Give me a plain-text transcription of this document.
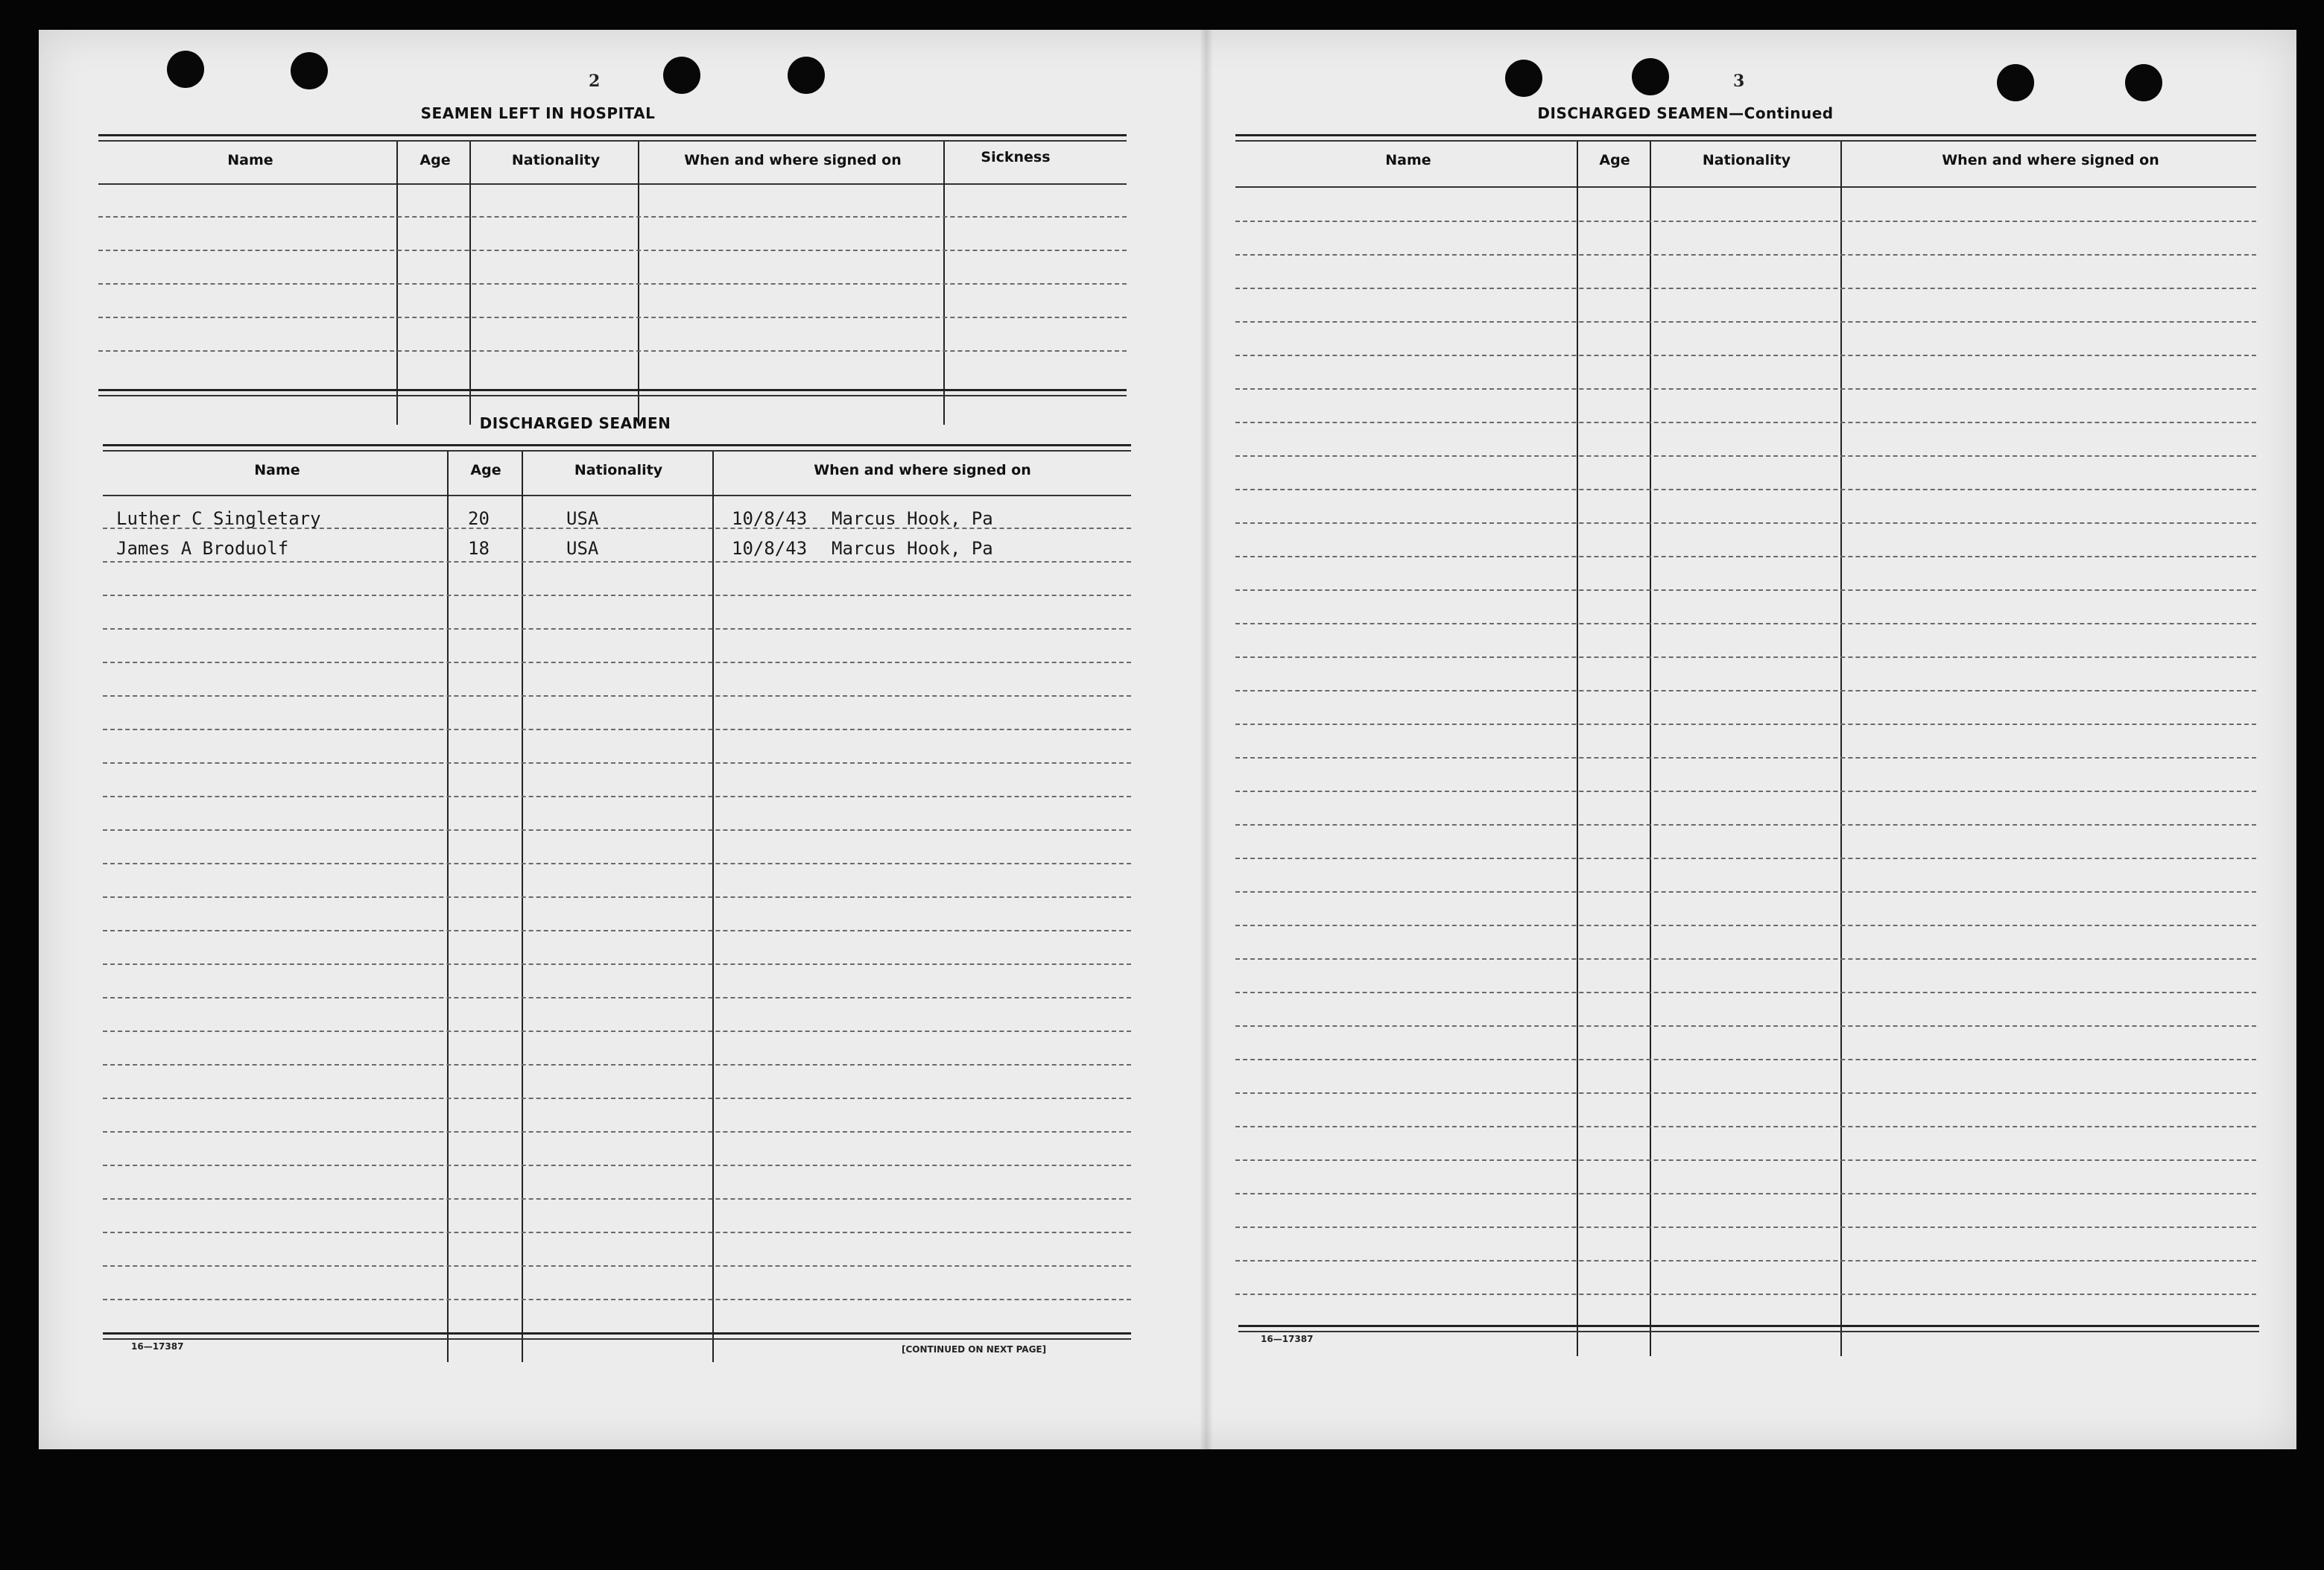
2
SEAMEN LEFT IN HOSPITAL
Name	Age	Nationality	When and where signed on	Sickness
DISCHARGED SEAMEN
Name	Age	Nationality	When and where signed on
Luther C Singletary	20	USA	10/8/43 Marcus Hook, Pa
James A Broduolf	18	USA	10/8/43 Marcus Hook, Pa
16—17387	[CONTINUED ON NEXT PAGE]
3
DISCHARGED SEAMEN—Continued
Name	Age	Nationality	When and where signed on
16—17387
